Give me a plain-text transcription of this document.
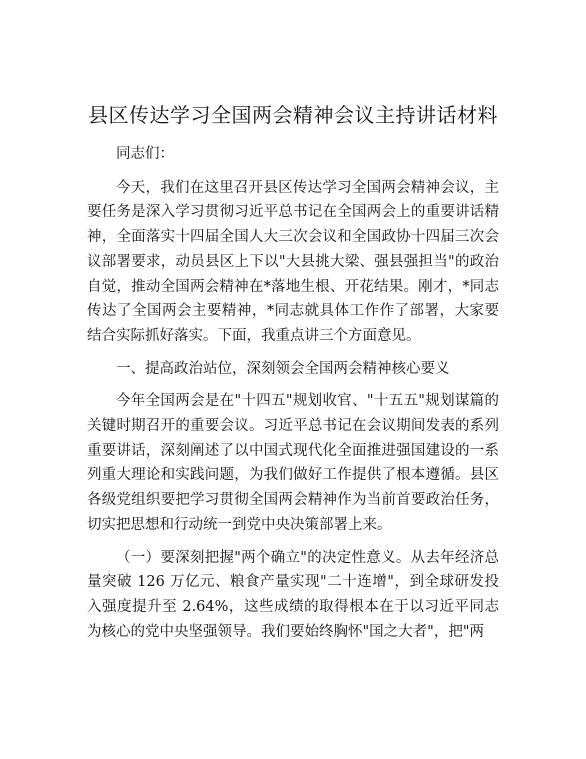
县区传达学习全国两会精神会议主持讲话材料

同志们：

今天，我们在这里召开县区传达学习全国两会精神会议，主要任务是深入学习贯彻习近平总书记在全国两会上的重要讲话精神，全面落实十四届全国人大三次会议和全国政协十四届三次会议部署要求，动员县区上下以"大县挑大梁、强县强担当"的政治自觉，推动全国两会精神在*落地生根、开花结果。刚才，*同志传达了全国两会主要精神，*同志就具体工作作了部署，大家要结合实际抓好落实。下面，我重点讲三个方面意见。

一、提高政治站位，深刻领会全国两会精神核心要义

今年全国两会是在"十四五"规划收官、"十五五"规划谋篇的关键时期召开的重要会议。习近平总书记在会议期间发表的系列重要讲话，深刻阐述了以中国式现代化全面推进强国建设的一系列重大理论和实践问题，为我们做好工作提供了根本遵循。县区各级党组织要把学习贯彻全国两会精神作为当前首要政治任务，切实把思想和行动统一到党中央决策部署上来。

（一）要深刻把握"两个确立"的决定性意义。从去年经济总量突破 126 万亿元、粮食产量实现"二十连增"，到全球研发投入强度提升至 2.64%，这些成绩的取得根本在于以习近平同志为核心的党中央坚强领导。我们要始终胸怀"国之大者"，把"两
